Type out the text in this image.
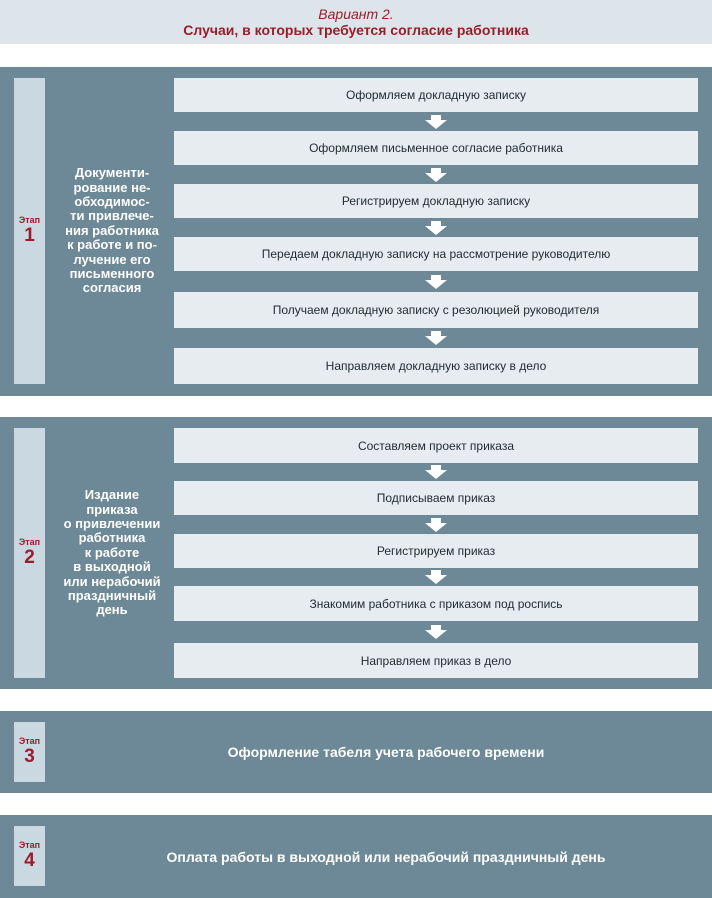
Вариант 2.
Случаи, в которых требуется согласие работника
Этап
1
Документи-
рование не-
обходимос-
ти привлече-
ния работника
к работе и по-
лучение его
письменного
согласия
Оформляем докладную записку
Оформляем письменное согласие работника
Регистрируем докладную записку
Передаем докладную записку на рассмотрение руководителю
Получаем докладную записку с резолюцией руководителя
Направляем докладную записку в дело
Этап
2
Издание
приказа
о привлечении
работника
к работе
в выходной
или нерабочий
праздничный
день
Составляем проект приказа
Подписываем приказ
Регистрируем приказ
Знакомим работника с приказом под роспись
Направляем приказ в дело
Этап
3	Оформление табеля учета рабочего времени
Этап
4	Оплата работы в выходной или нерабочий праздничный день
